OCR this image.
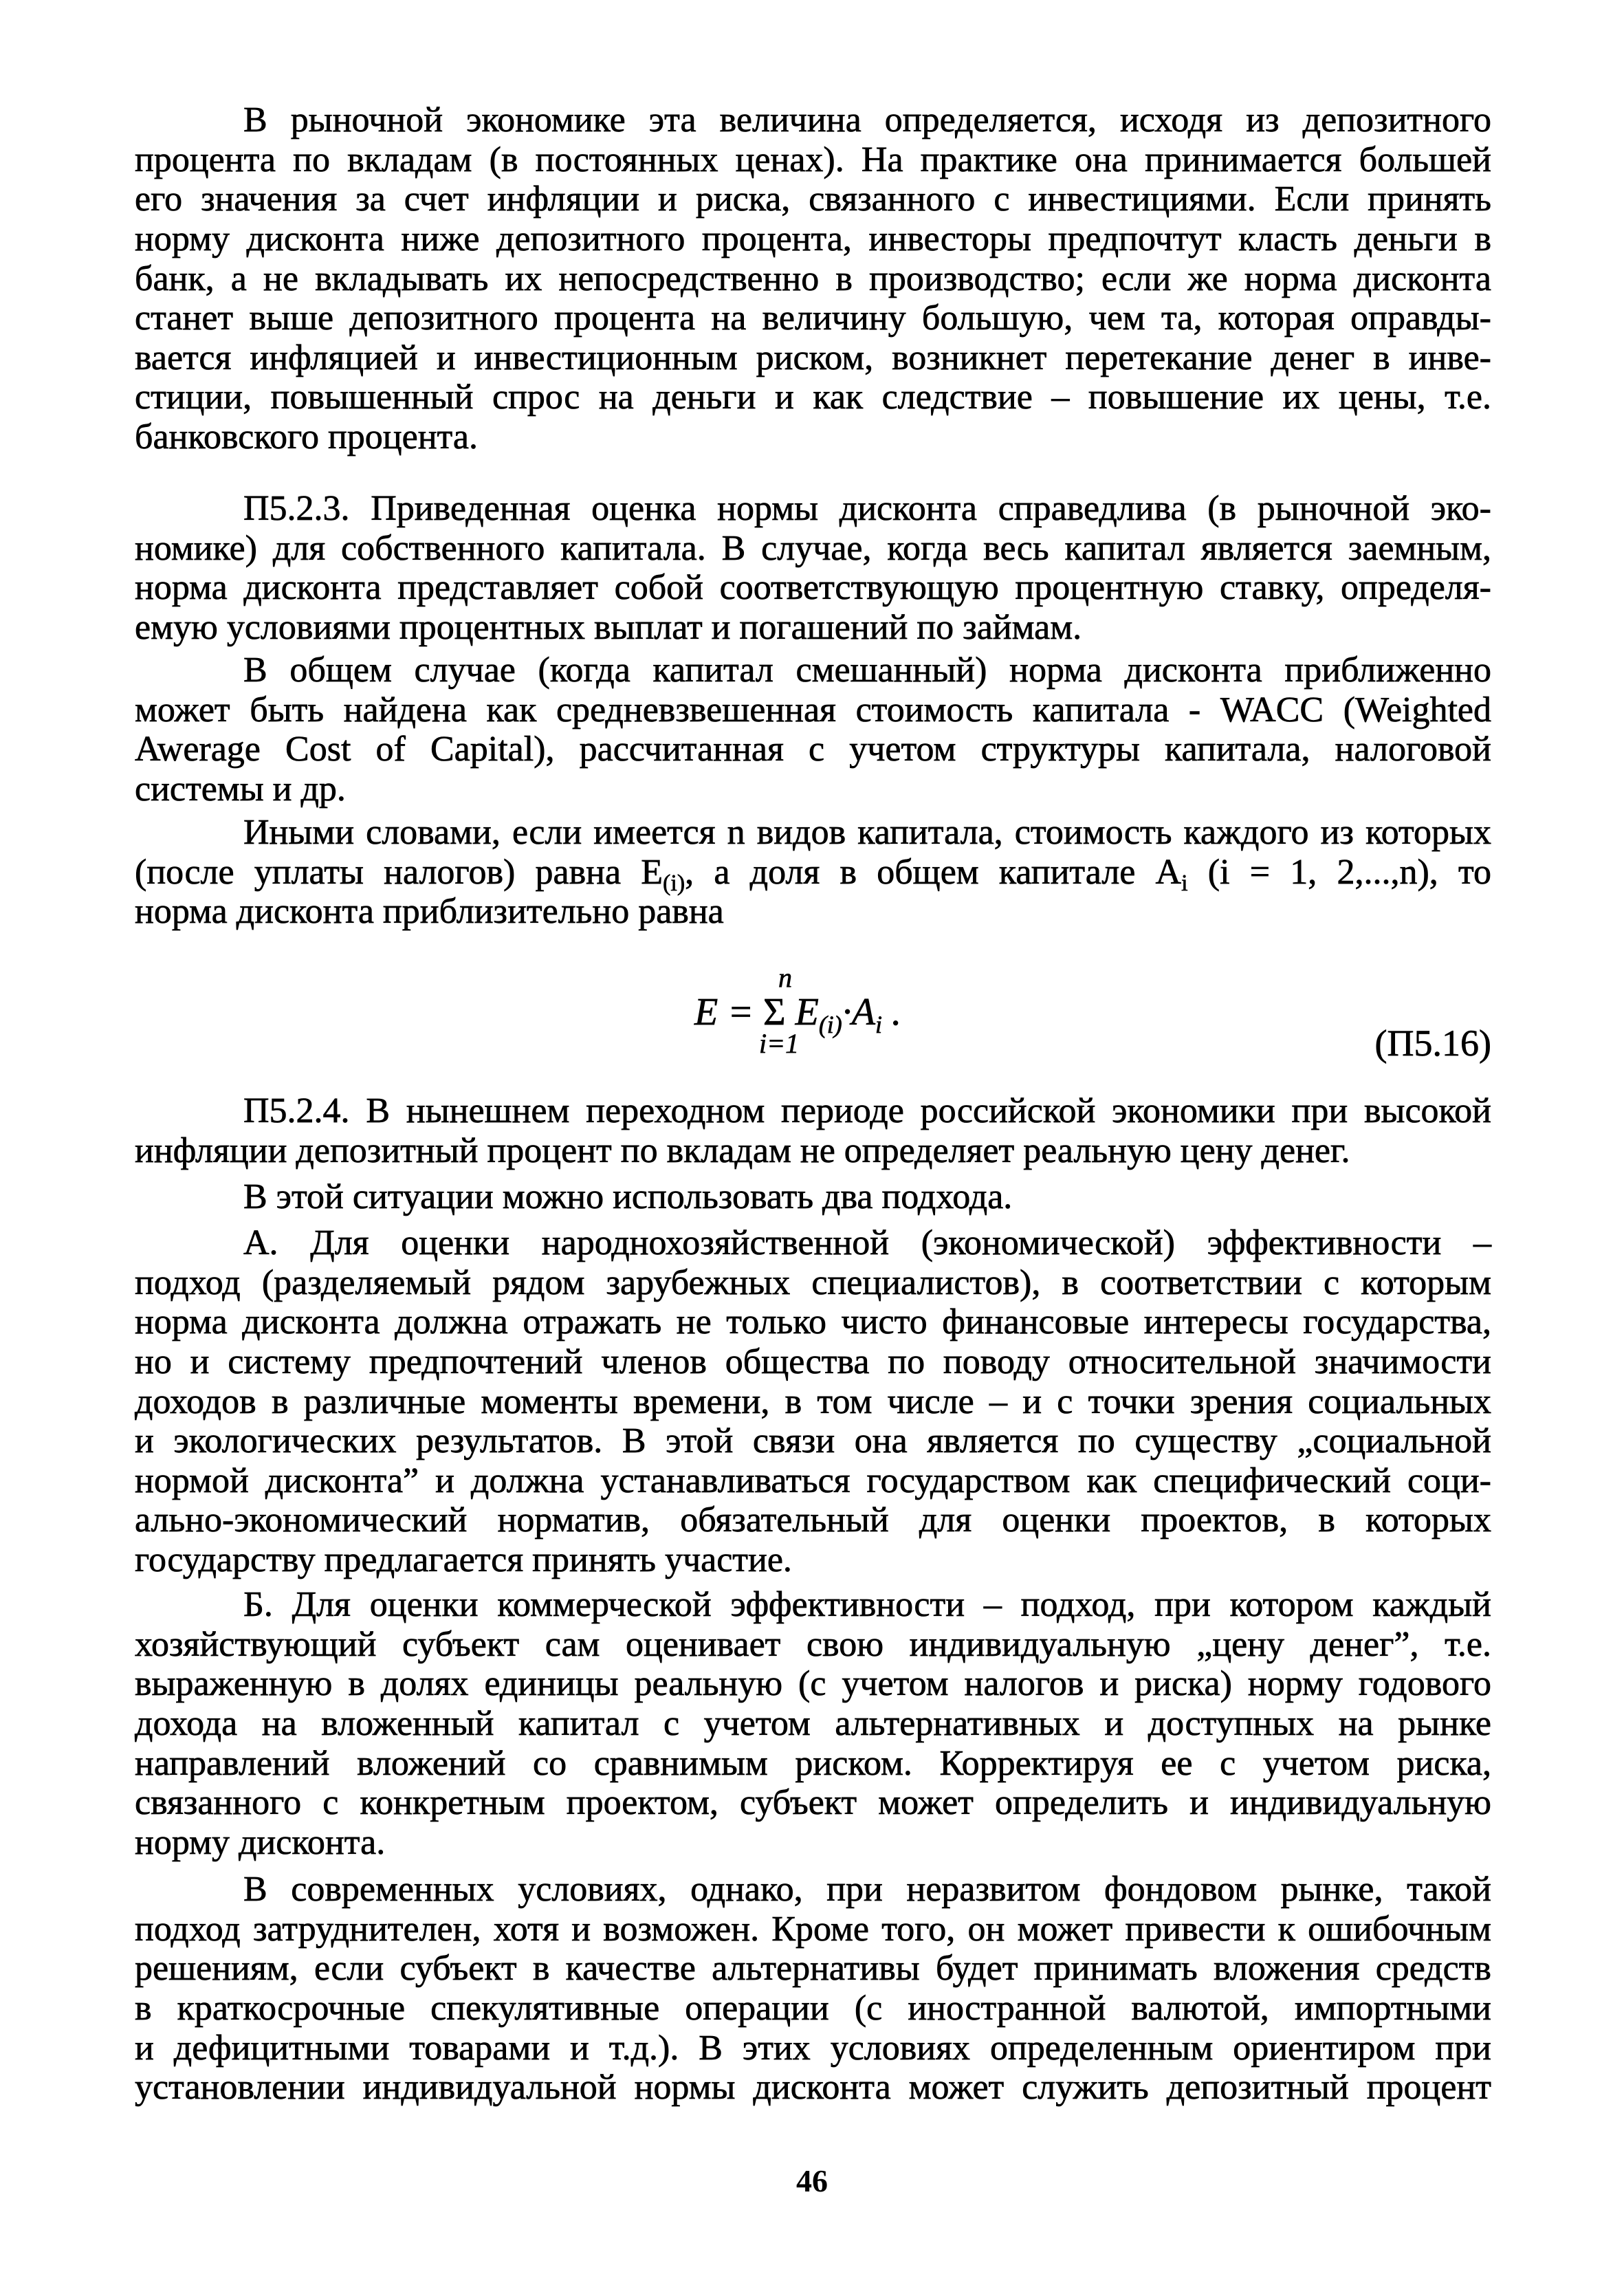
В рыночной экономике эта величина определяется, исходя из депозитного
процента по вкладам (в постоянных ценах). На практике она принимается большей
его значения за счет инфляции и риска, связанного с инвестициями. Если принять
норму дисконта ниже депозитного процента, инвесторы предпочтут класть деньги в
банк, а не вкладывать их непосредственно в производство; если же норма дисконта
станет выше депозитного процента на величину большую, чем та, которая оправды-
вается инфляцией и инвестиционным риском, возникнет перетекание денег в инве-
стиции, повышенный спрос на деньги и как следствие – повышение их цены, т.е.
банковского процента.
П5.2.3. Приведенная оценка нормы дисконта справедлива (в рыночной эко-
номике) для собственного капитала. В случае, когда весь капитал является заемным,
норма дисконта представляет собой соответствующую процентную ставку, определя-
емую условиями процентных выплат и погашений по займам.
В общем случае (когда капитал смешанный) норма дисконта приближенно
может быть найдена как средневзвешенная стоимость капитала - WACC (Weighted
Awerage Cost of Capital), рассчитанная с учетом структуры капитала, налоговой
системы и др.
Иными словами, если имеется n видов капитала, стоимость каждого из которых
(после уплаты налогов) равна $E_{(i)}$, а доля в общем капитале $A_i$ (i = 1, 2,...,n), то
норма дисконта приблизительно равна
П5.2.4. В нынешнем переходном периоде российской экономики при высокой
инфляции депозитный процент по вкладам не определяет реальную цену денег.
В этой ситуации можно использовать два подхода.
А. Для оценки народнохозяйственной (экономической) эффективности –
подход (разделяемый рядом зарубежных специалистов), в соответствии с которым
норма дисконта должна отражать не только чисто финансовые интересы государства,
но и систему предпочтений членов общества по поводу относительной значимости
доходов в различные моменты времени, в том числе – и с точки зрения социальных
и экологических результатов. В этой связи она является по существу „социальной
нормой дисконта” и должна устанавливаться государством как специфический соци-
ально-экономический норматив, обязательный для оценки проектов, в которых
государству предлагается принять участие.
Б. Для оценки коммерческой эффективности – подход, при котором каждый
хозяйствующий субъект сам оценивает свою индивидуальную „цену денег”, т.е.
выраженную в долях единицы реальную (с учетом налогов и риска) норму годового
дохода на вложенный капитал с учетом альтернативных и доступных на рынке
направлений вложений со сравнимым риском. Корректируя ее с учетом риска,
связанного с конкретным проектом, субъект может определить и индивидуальную
норму дисконта.
В современных условиях, однако, при неразвитом фондовом рынке, такой
подход затруднителен, хотя и возможен. Кроме того, он может привести к ошибочным
решениям, если субъект в качестве альтернативы будет принимать вложения средств
в краткосрочные спекулятивные операции (с иностранной валютой, импортными
и дефицитными товарами и т.д.). В этих условиях определенным ориентиром при
установлении индивидуальной нормы дисконта может служить депозитный процент
n
E = Σ $E_{(i)}\cdot A_i$ .
i=1	(П5.16)
46
